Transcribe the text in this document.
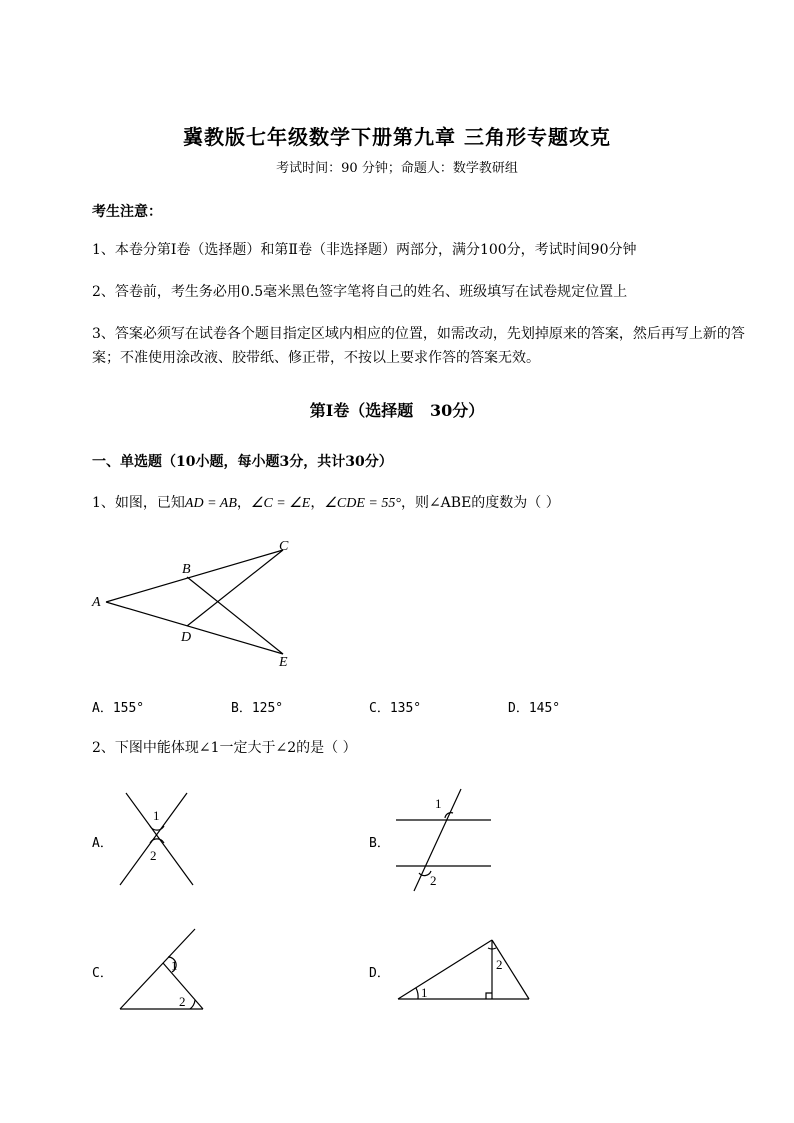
冀教版七年级数学下册第九章 三角形专题攻克
考试时间：90 分钟；命题人：数学教研组
考生注意：
1、本卷分第I卷（选择题）和第Ⅱ卷（非选择题）两部分，满分100分，考试时间90分钟
2、答卷前，考生务必用0.5毫米黑色签字笔将自己的姓名、班级填写在试卷规定位置上
3、答案必须写在试卷各个题目指定区域内相应的位置，如需改动，先划掉原来的答案，然后再写上新的答案；不准使用涂改液、胶带纸、修正带，不按以上要求作答的答案无效。
第I卷（选择题   30分）
一、单选题（10小题，每小题3分，共计30分）
1、如图，已知AD = AB，∠C = ∠E，∠CDE = 55°，则∠ABE的度数为（ ）
A
B
C
D
E
A．155°	B．125°	C．135°	D．145°
2、下图中能体现∠1一定大于∠2的是（ ）
A．
1
2
B．
1
2
C．
1
2
D．
1
2
